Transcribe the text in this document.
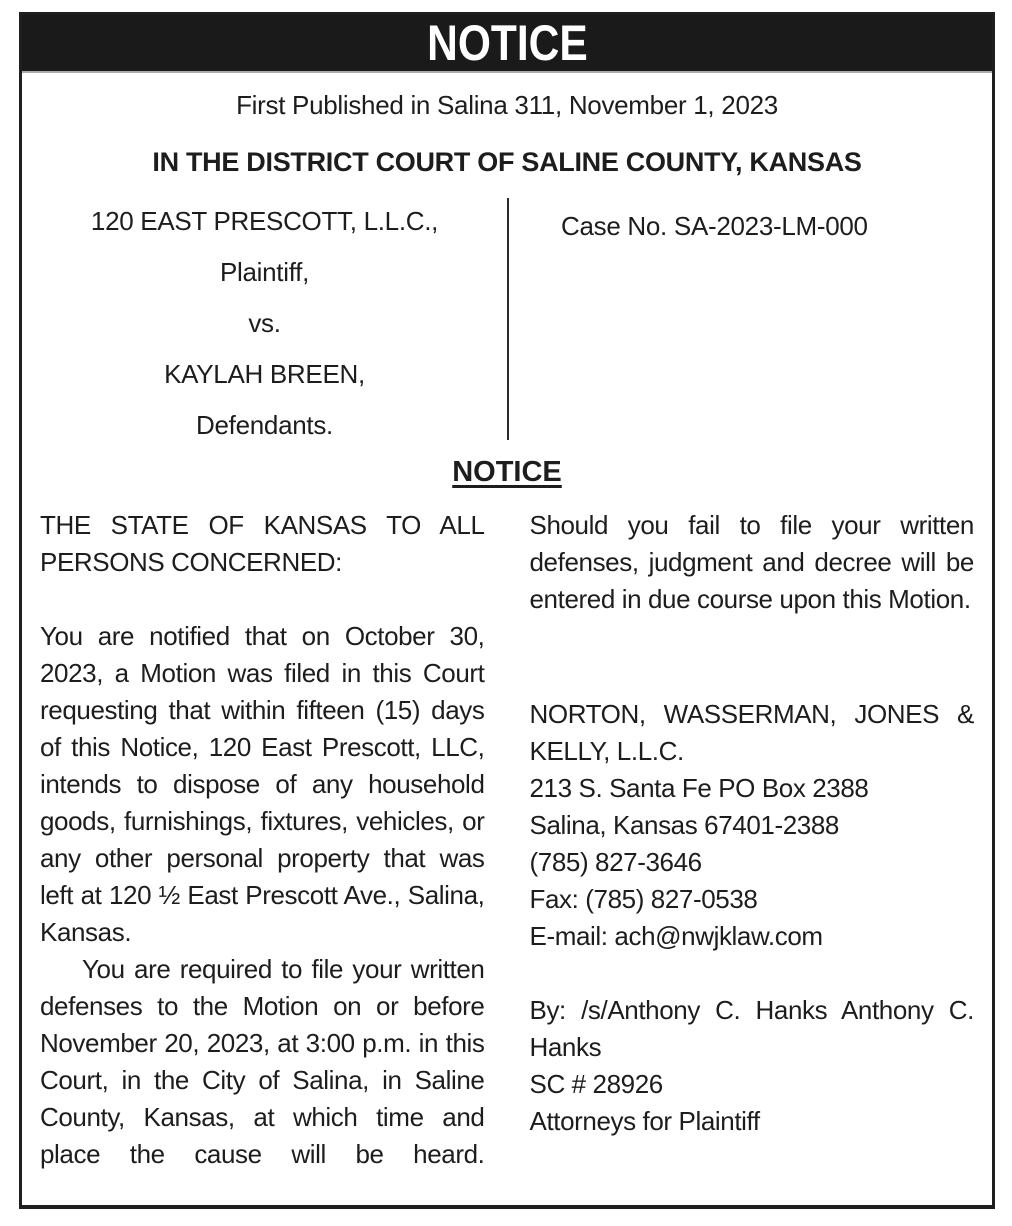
NOTICE
First Published in Salina 311, November 1, 2023
IN THE DISTRICT COURT OF SALINE COUNTY, KANSAS
120 EAST PRESCOTT, L.L.C.,
Plaintiff,
vs.
KAYLAH BREEN,
Defendants.
Case No. SA-2023-LM-000
NOTICE
THE STATE OF KANSAS TO ALL PERSONS CONCERNED:
You are notified that on October 30, 2023, a Motion was filed in this Court requesting that within fifteen (15) days of this Notice, 120 East Prescott, LLC, intends to dispose of any household goods, furnishings, fixtures, vehicles, or any other personal property that was left at 120 ½ East Prescott Ave., Salina, Kansas.
You are required to file your written defenses to the Motion on or before November 20, 2023, at 3:00 p.m. in this Court, in the City of Salina, in Saline County, Kansas, at which time and place the cause will be heard.
Should you fail to file your written defenses, judgment and decree will be entered in due course upon this Motion.
NORTON, WASSERMAN, JONES &
KELLY, L.L.C.
213 S. Santa Fe PO Box 2388
Salina, Kansas 67401-2388
(785) 827-3646
Fax: (785) 827-0538
E-mail: ach@nwjklaw.com
By: /s/Anthony C. Hanks Anthony C. Hanks
SC # 28926
Attorneys for Plaintiff
